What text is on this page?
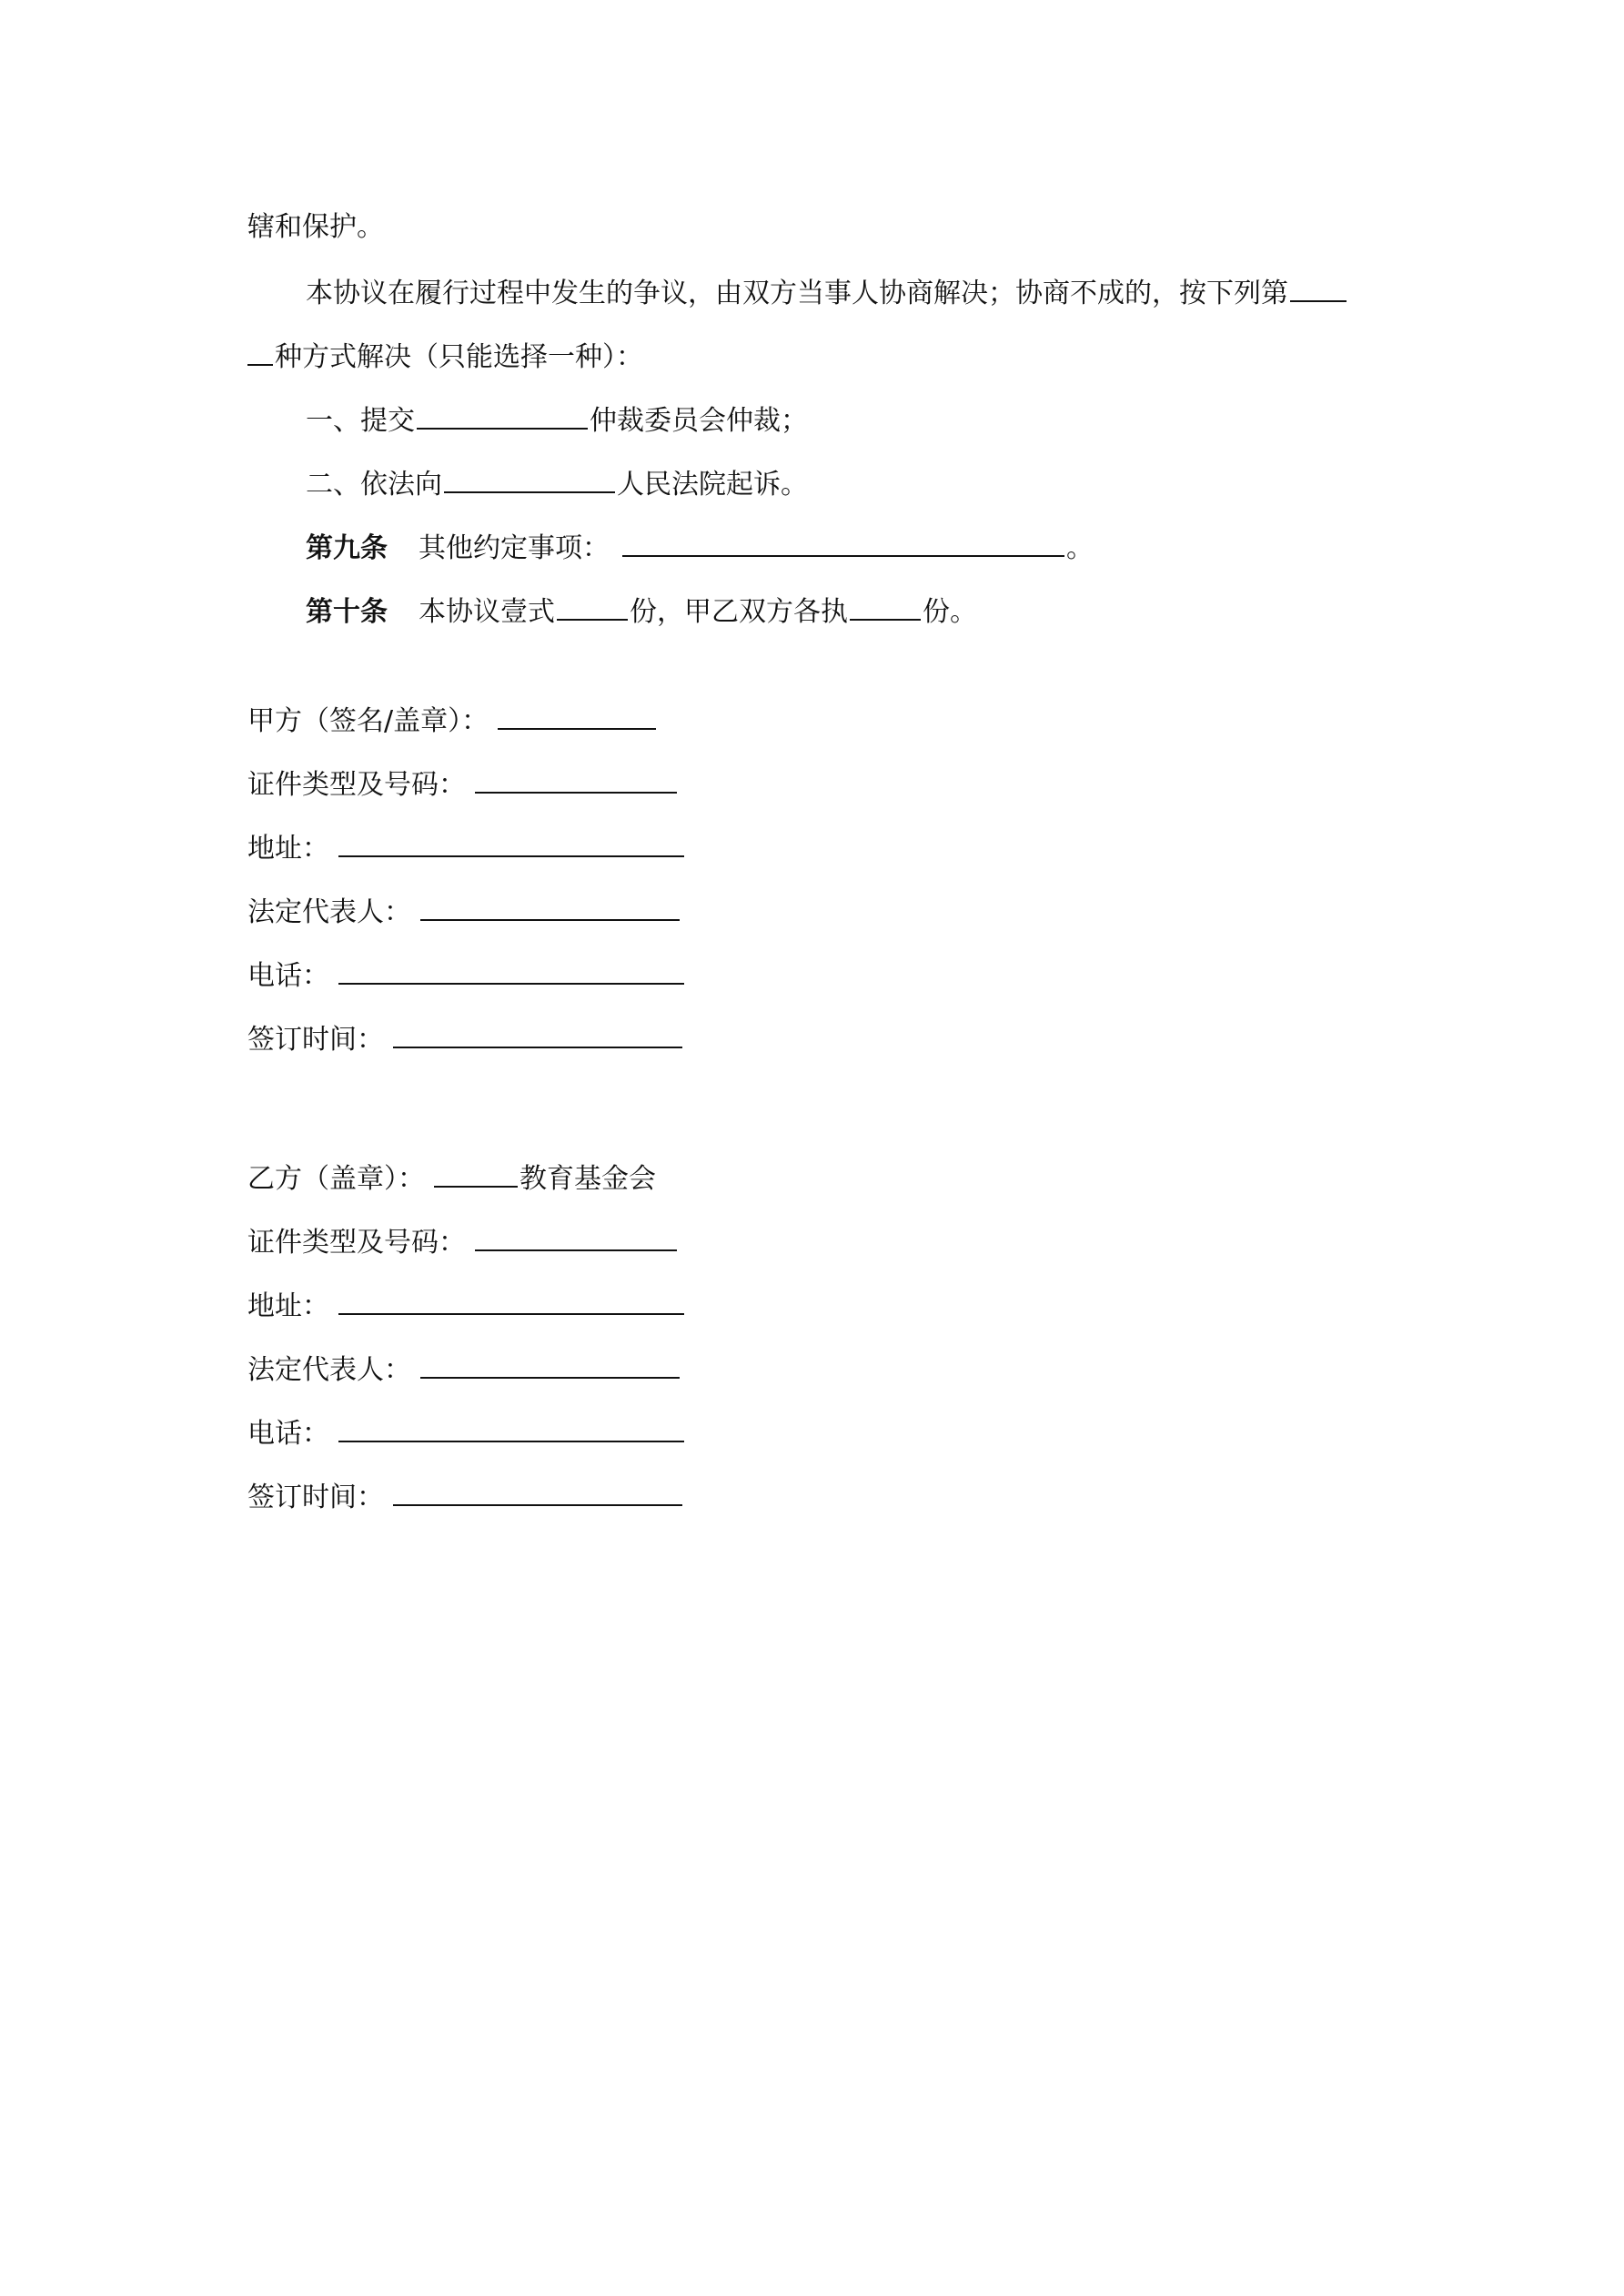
辖和保护。
本协议在履行过程中发生的争议，由双方当事人协商解决；协商不成的，按下列第
种方式解决（只能选择一种）：
一、提交	仲裁委员会仲裁；
二、依法向	人民法院起诉。
第九条 其他约定事项：	。
第十条 本协议壹式	份，甲乙双方各执	份。
甲方（签名/盖章）：
证件类型及号码：
地址：
法定代表人：
电话：
签订时间：
乙方（盖章）：	教育基金会
证件类型及号码：
地址：
法定代表人：
电话：
签订时间：
